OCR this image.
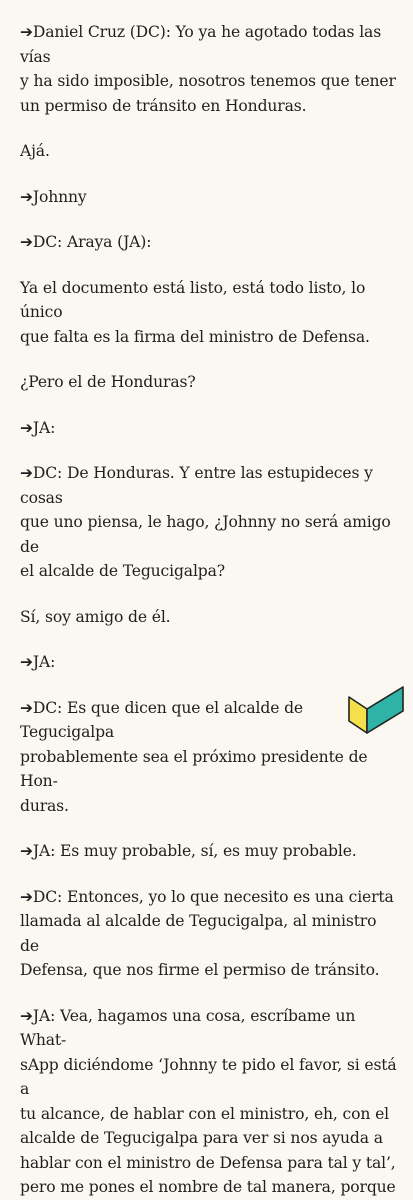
➔Daniel Cruz (DC): Yo ya he agotado todas las vías
y ha sido imposible, nosotros tenemos que tener
un permiso de tránsito en Honduras.

Ajá.

➔Johnny

➔DC: Araya (JA):

Ya el documento está listo, está todo listo, lo único
que falta es la firma del ministro de Defensa.

¿Pero el de Honduras?

➔JA:

➔DC: De Honduras. Y entre las estupideces y cosas
que uno piensa, le hago, ¿Johnny no será amigo de
el alcalde de Tegucigalpa?

Sí, soy amigo de él.

➔JA:

➔DC: Es que dicen que el alcalde de Tegucigalpa
probablemente sea el próximo presidente de Hon-
duras.

➔JA: Es muy probable, sí, es muy probable.

➔DC: Entonces, yo lo que necesito es una cierta
llamada al alcalde de Tegucigalpa, al ministro de
Defensa, que nos firme el permiso de tránsito.

➔JA: Vea, hagamos una cosa, escríbame un What-
sApp diciéndome ‘Johnny te pido el favor, si está a
tu alcance, de hablar con el ministro, eh, con el
alcalde de Tegucigalpa para ver si nos ayuda a
hablar con el ministro de Defensa para tal y tal’,
pero me pones el nombre de tal manera, porque
